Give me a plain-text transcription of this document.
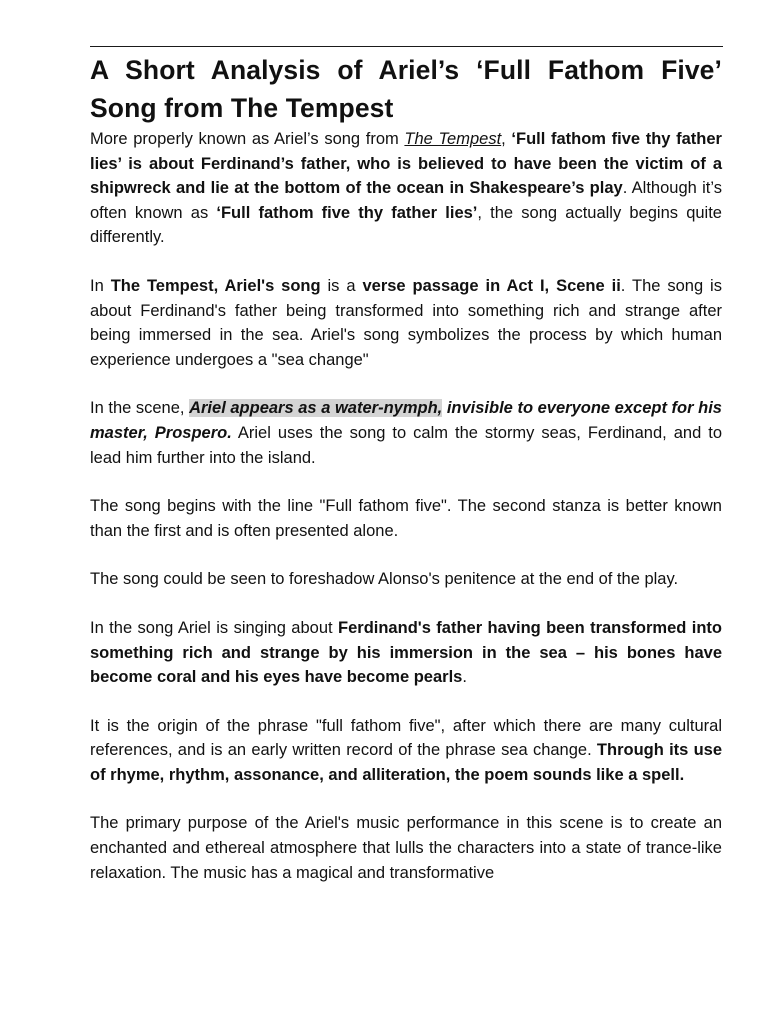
A Short Analysis of Ariel’s ‘Full Fathom Five’ Song from The Tempest

More properly known as Ariel’s song from The Tempest, ‘Full fathom five thy father lies’ is about Ferdinand’s father, who is believed to have been the victim of a shipwreck and lie at the bottom of the ocean in Shakespeare’s play. Although it’s often known as ‘Full fathom five thy father lies’, the song actually begins quite differently.

In The Tempest, Ariel's song is a verse passage in Act I, Scene ii. The song is about Ferdinand's father being transformed into something rich and strange after being immersed in the sea. Ariel's song symbolizes the process by which human experience undergoes a "sea change"

In the scene, Ariel appears as a water-nymph, invisible to everyone except for his master, Prospero. Ariel uses the song to calm the stormy seas, Ferdinand, and to lead him further into the island.

The song begins with the line "Full fathom five". The second stanza is better known than the first and is often presented alone.

The song could be seen to foreshadow Alonso's penitence at the end of the play.

In the song Ariel is singing about Ferdinand's father having been transformed into something rich and strange by his immersion in the sea – his bones have become coral and his eyes have become pearls.

It is the origin of the phrase "full fathom five", after which there are many cultural references, and is an early written record of the phrase sea change. Through its use of rhyme, rhythm, assonance, and alliteration, the poem sounds like a spell.

The primary purpose of the Ariel's music performance in this scene is to create an enchanted and ethereal atmosphere that lulls the characters into a state of trance-like relaxation. The music has a magical and transformative
